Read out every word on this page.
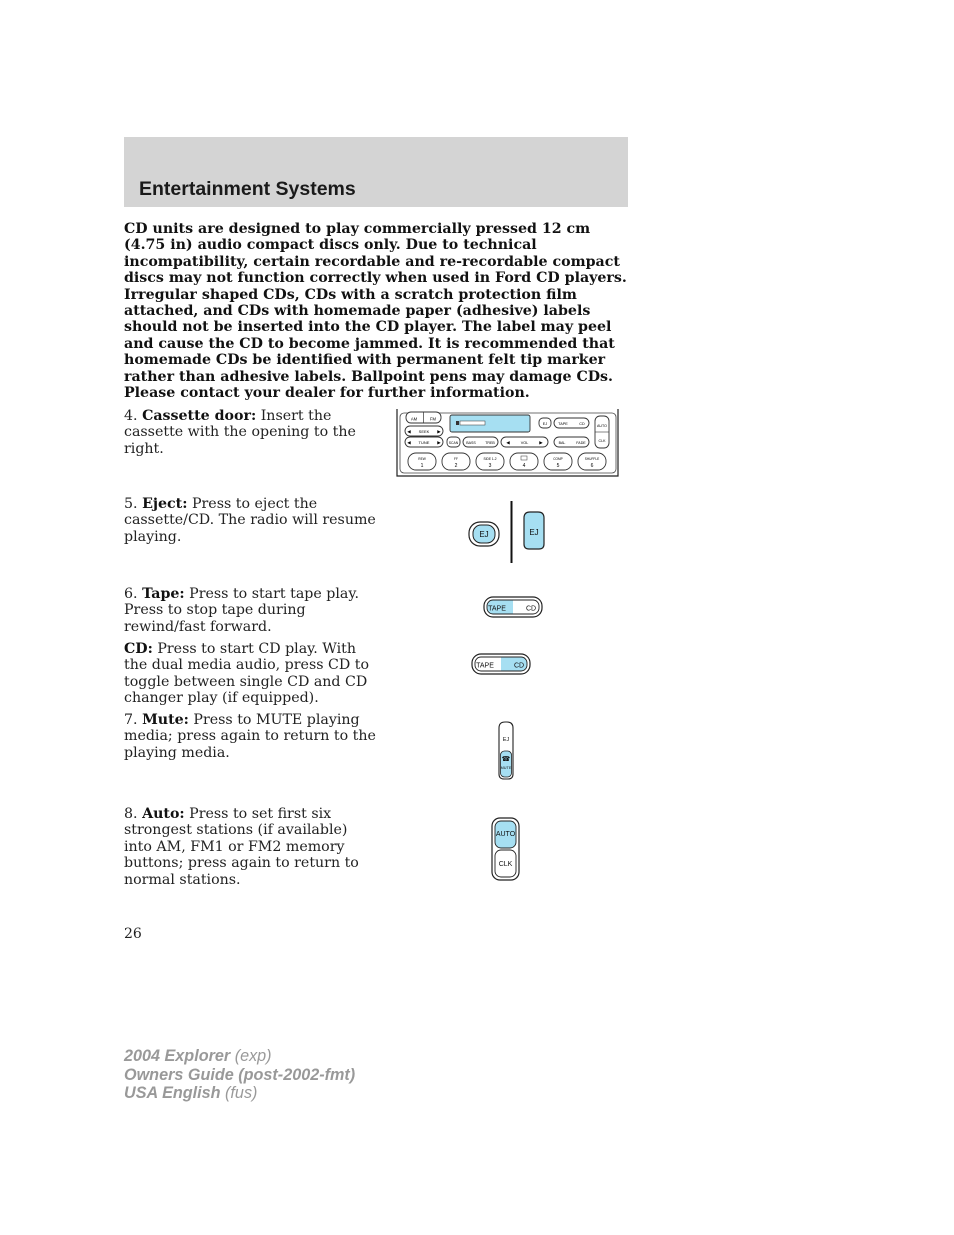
Entertainment Systems
CD units are designed to play commercially pressed 12 cm (4.75 in) audio compact discs only. Due to technical incompatibility, certain recordable and re-recordable compact discs may not function correctly when used in Ford CD players. Irregular shaped CDs, CDs with a scratch protection film attached, and CDs with homemade paper (adhesive) labels should not be inserted into the CD player. The label may peel and cause the CD to become jammed. It is recommended that homemade CDs be identified with permanent felt tip marker rather than adhesive labels. Ballpoint pens may damage CDs. Please contact your dealer for further information.
4. Cassette door: Insert the cassette with the opening to the right.
5. Eject: Press to eject the cassette/CD. The radio will resume playing.
6. Tape: Press to start tape play. Press to stop tape during rewind/fast forward.
CD: Press to start CD play. With the dual media audio, press CD to toggle between single CD and CD changer play (if equipped).
7. Mute: Press to MUTE playing media; press again to return to the playing media.
8. Auto: Press to set first six strongest stations (if available) into AM, FM1 or FM2 memory buttons; press again to return to normal stations.
AM	FM
SEEK
◀	▶
TUNE
◀	▶
EJ	TAPE	CD	AUTO
CLK
SCAN BASS	TREB	VOL
◀	▶	BAL	FADE
REW
1
FF
2
SIDE 1-2
3	4
COMP
5
SHUFFLE
6
EJ	EJ
TAPE	CD
TAPE	CD
EJ
☎
MUTE
AUTO
CLK
26
2004 Explorer (exp)
Owners Guide (post-2002-fmt)
USA English (fus)
